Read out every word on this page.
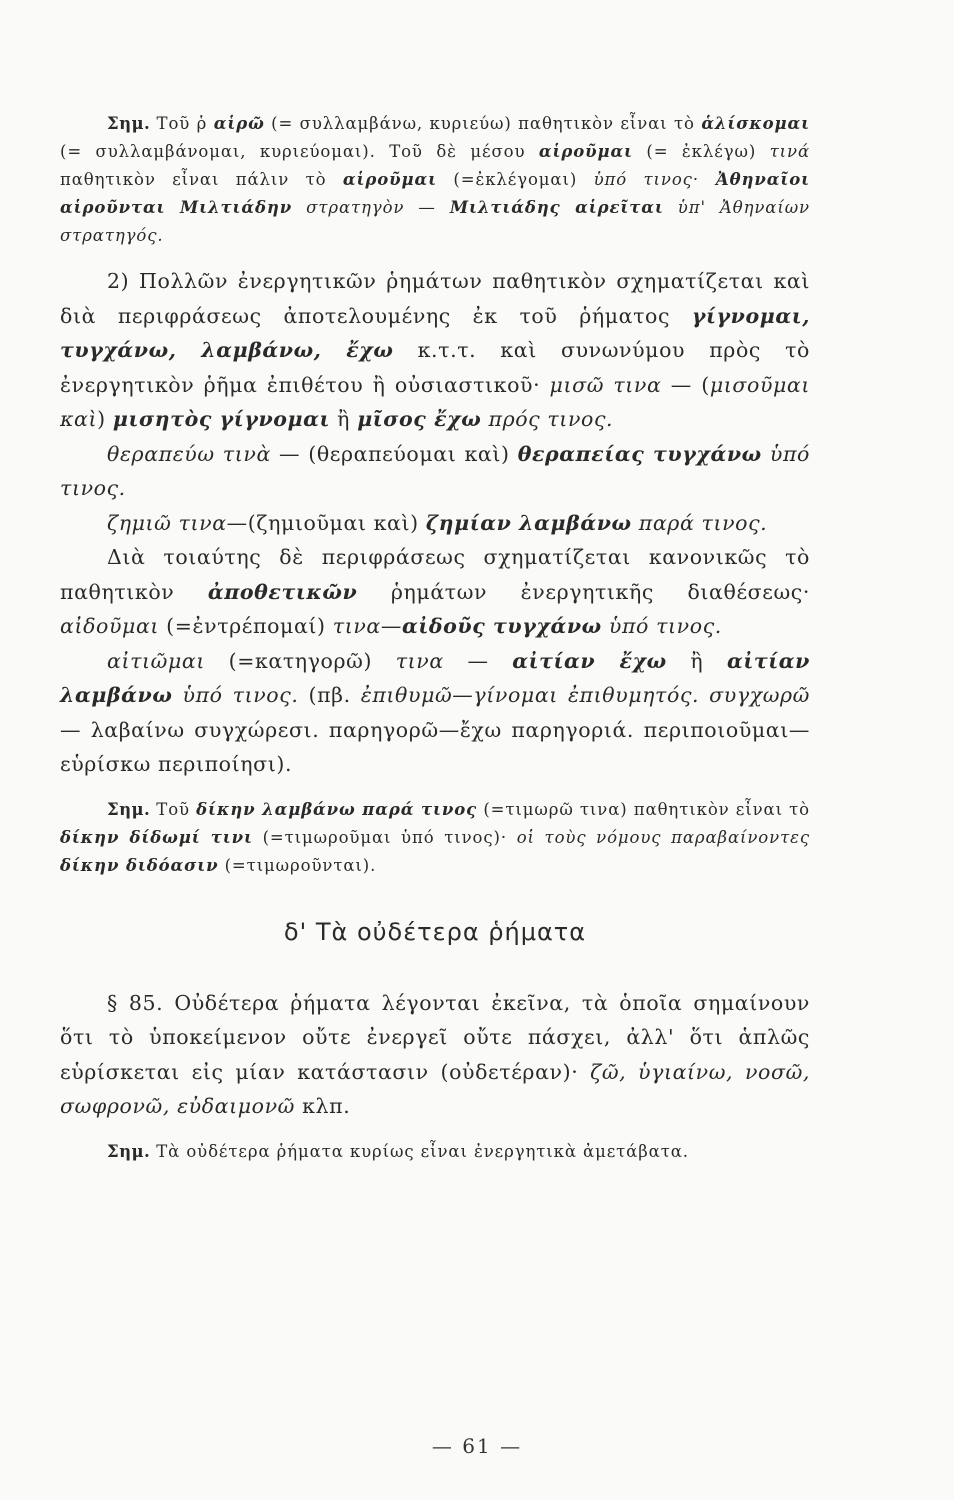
Σημ. Τοῦ ῥ αἱρῶ (= συλλαμβάνω, κυριεύω) παθητικὸν εἶναι τὸ ἁλίσκομαι (= συλλαμβάνομαι, κυριεύομαι). Τοῦ δὲ μέσου αἱροῦμαι (= ἐκλέγω) τινά παθητικὸν εἶναι πάλιν τὸ αἱροῦμαι (=ἐκλέγομαι) ὑπό τινος· Ἀθηναῖοι αἱροῦνται Μιλτιάδην στρατηγὸν — Μιλτιάδης αἱρεῖται ὑπ' Ἀθηναίων στρατηγός.

2) Πολλῶν ἐνεργητικῶν ῥημάτων παθητικὸν σχηματίζεται καὶ διὰ περιφράσεως ἀποτελουμένης ἐκ τοῦ ῥήματος γίγνομαι, τυγχάνω, λαμβάνω, ἔχω κ.τ.τ. καὶ συνωνύμου πρὸς τὸ ἐνεργητικὸν ῥῆμα ἐπιθέτου ἢ οὐσιαστικοῦ· μισῶ τινα — (μισοῦμαι καὶ) μισητὸς γίγνομαι ἢ μῖσος ἔχω πρός τινος.

θεραπεύω τινὰ — (θεραπεύομαι καὶ) θεραπείας τυγχάνω ὑπό τινος.

ζημιῶ τινα—(ζημιοῦμαι καὶ) ζημίαν λαμβάνω παρά τινος.

Διὰ τοιαύτης δὲ περιφράσεως σχηματίζεται κανονικῶς τὸ παθητικὸν ἀποθετικῶν ῥημάτων ἐνεργητικῆς διαθέσεως· αἰδοῦμαι (=ἐντρέπομαί) τινα—αἰδοῦς τυγχάνω ὑπό τινος.

αἰτιῶμαι (=κατηγορῶ) τινα — αἰτίαν ἔχω ἢ αἰτίαν λαμβάνω ὑπό τινος. (πβ. ἐπιθυμῶ—γίνομαι ἐπιθυμητός. συγχωρῶ — λαβαίνω συγχώρεσι. παρηγορῶ—ἔχω παρηγοριά. περιποιοῦμαι—εὑρίσκω περιποίησι).

Σημ. Τοῦ δίκην λαμβάνω παρά τινος (=τιμωρῶ τινα) παθητικὸν εἶναι τὸ δίκην δίδωμί τινι (=τιμωροῦμαι ὑπό τινος)· οἱ τοὺς νόμους παραβαίνοντες δίκην διδόασιν (=τιμωροῦνται).

δ' Τὰ οὐδέτερα ῥήματα

§ 85. Οὐδέτερα ῥήματα λέγονται ἐκεῖνα, τὰ ὁποῖα σημαίνουν ὅτι τὸ ὑποκείμενον οὔτε ἐνεργεῖ οὔτε πάσχει, ἀλλ' ὅτι ἁπλῶς εὑρίσκεται εἰς μίαν κατάστασιν (οὐδετέραν)· ζῶ, ὑγιαίνω, νοσῶ, σωφρονῶ, εὐδαιμονῶ κλπ.

Σημ. Τὰ οὐδέτερα ῥήματα κυρίως εἶναι ἐνεργητικὰ ἀμετάβατα.

— 61 —
